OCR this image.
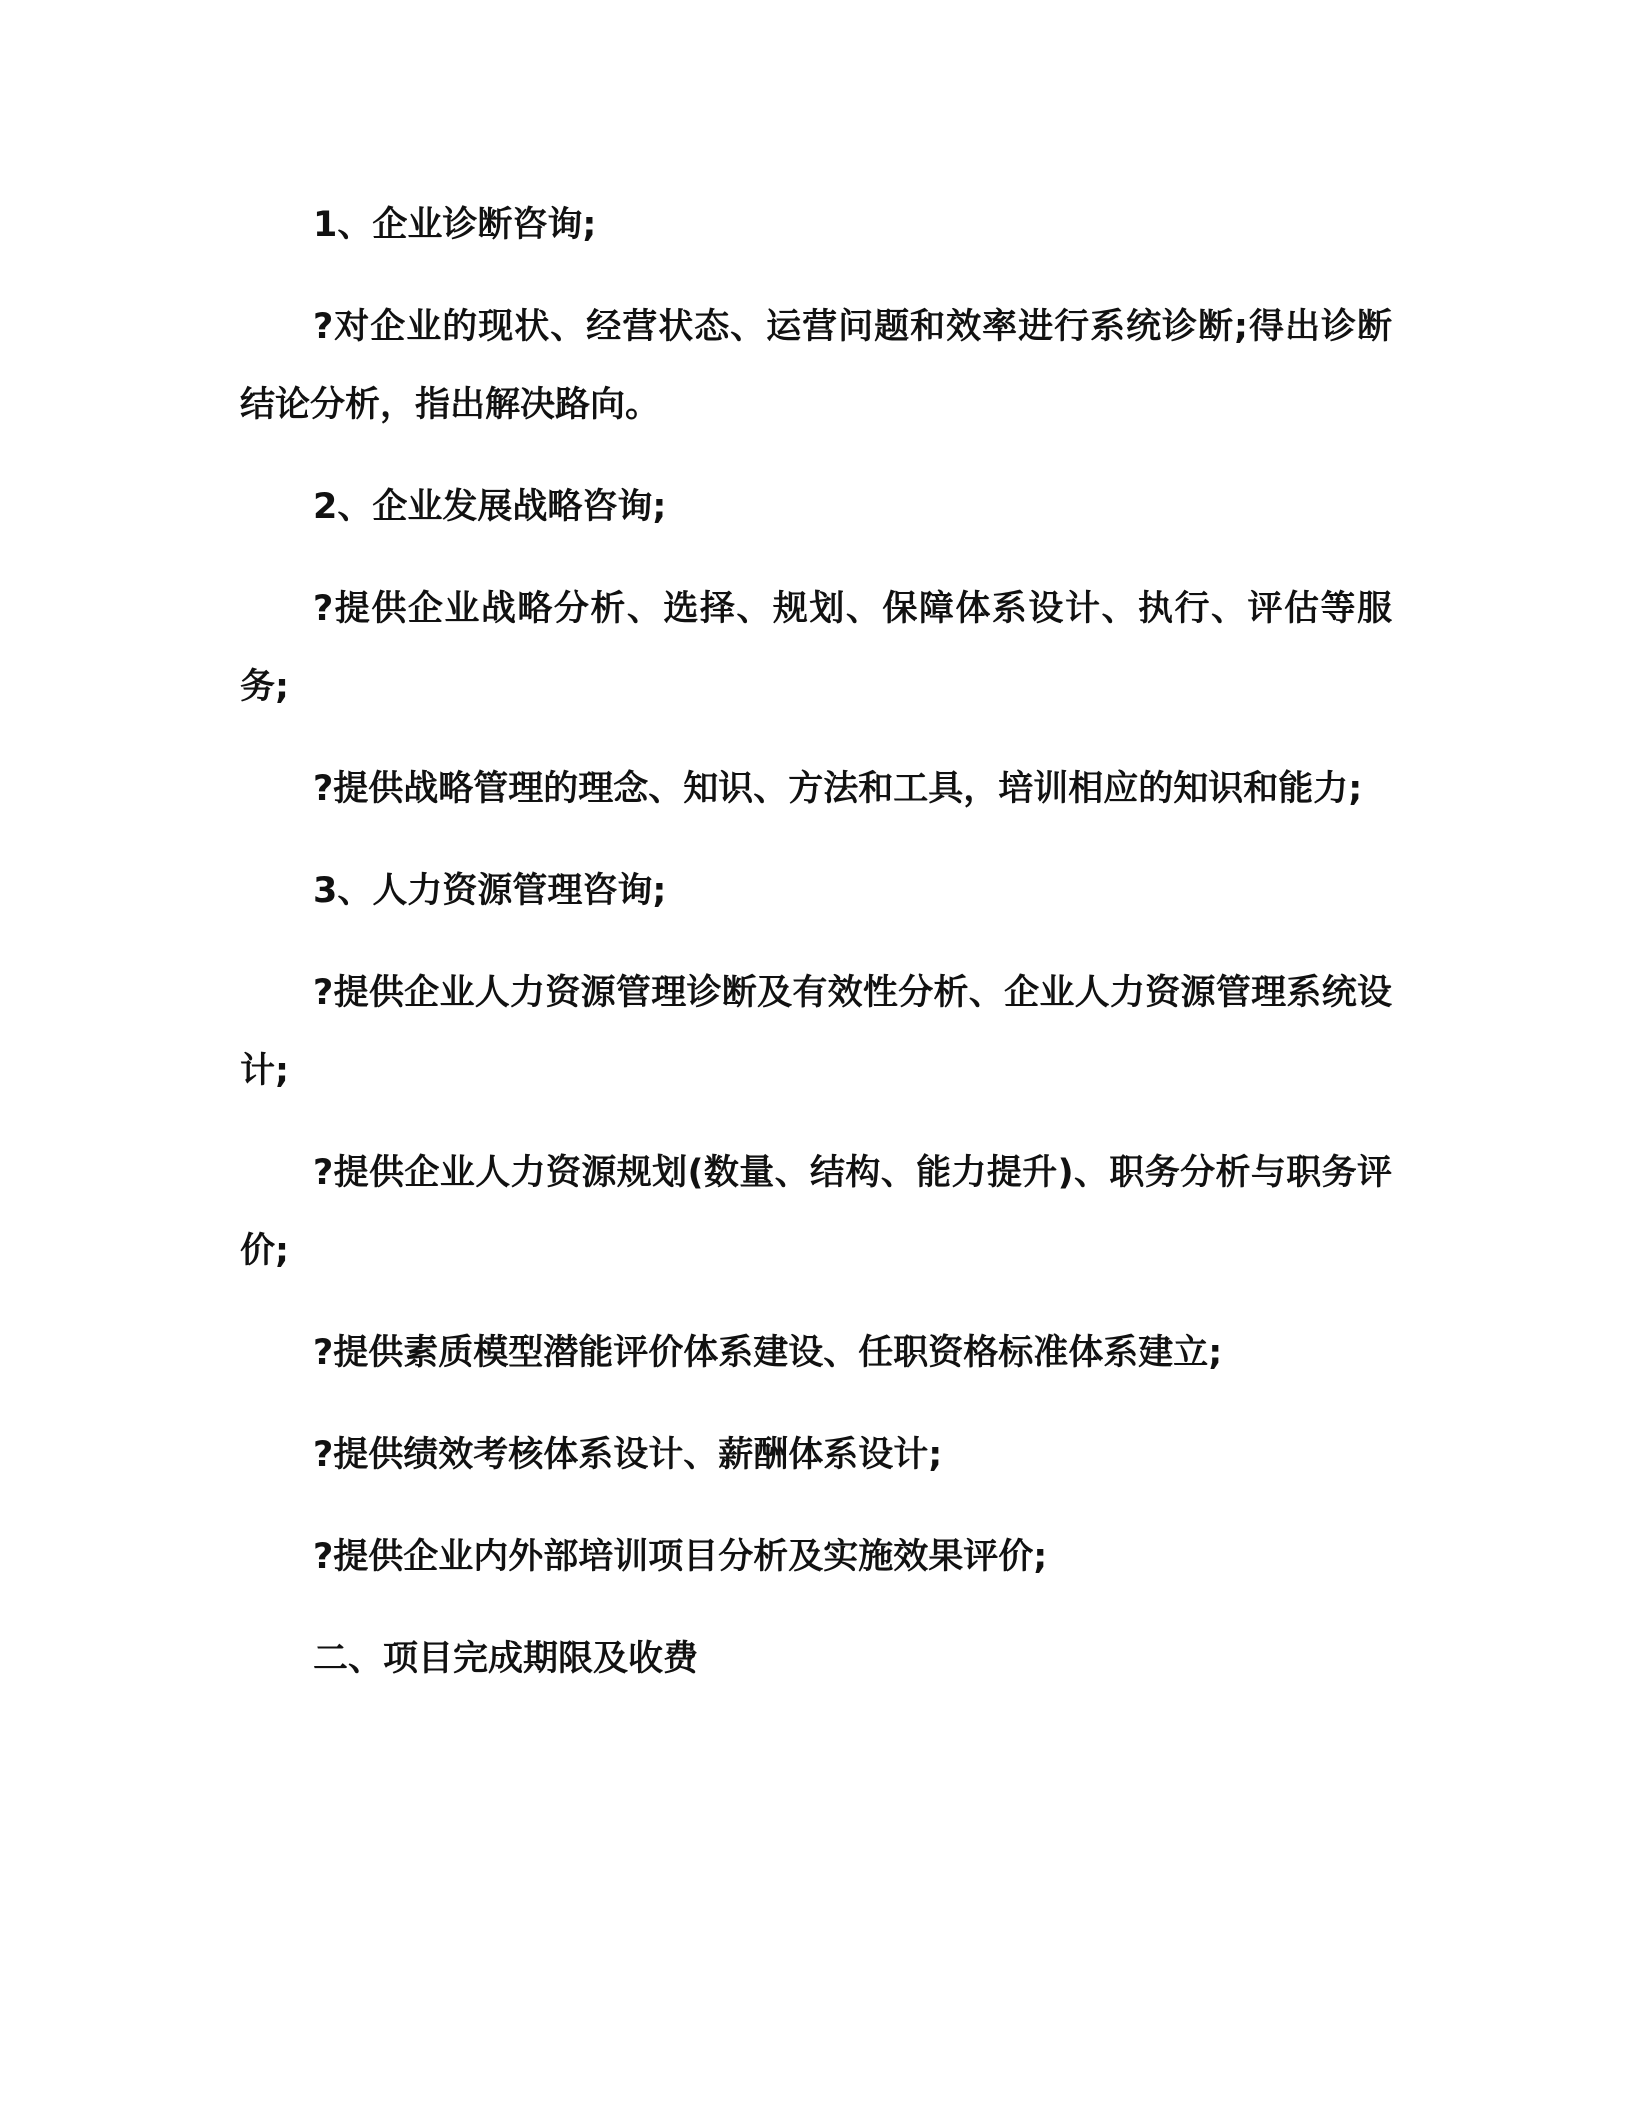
1、企业诊断咨询;

?对企业的现状、经营状态、运营问题和效率进行系统诊断;得出诊断结论分析，指出解决路向。

2、企业发展战略咨询;

?提供企业战略分析、选择、规划、保障体系设计、执行、评估等服务;

?提供战略管理的理念、知识、方法和工具，培训相应的知识和能力;

3、人力资源管理咨询;

?提供企业人力资源管理诊断及有效性分析、企业人力资源管理系统设计;

?提供企业人力资源规划(数量、结构、能力提升)、职务分析与职务评价;

?提供素质模型潜能评价体系建设、任职资格标准体系建立;

?提供绩效考核体系设计、薪酬体系设计;

?提供企业内外部培训项目分析及实施效果评价;

二、项目完成期限及收费
